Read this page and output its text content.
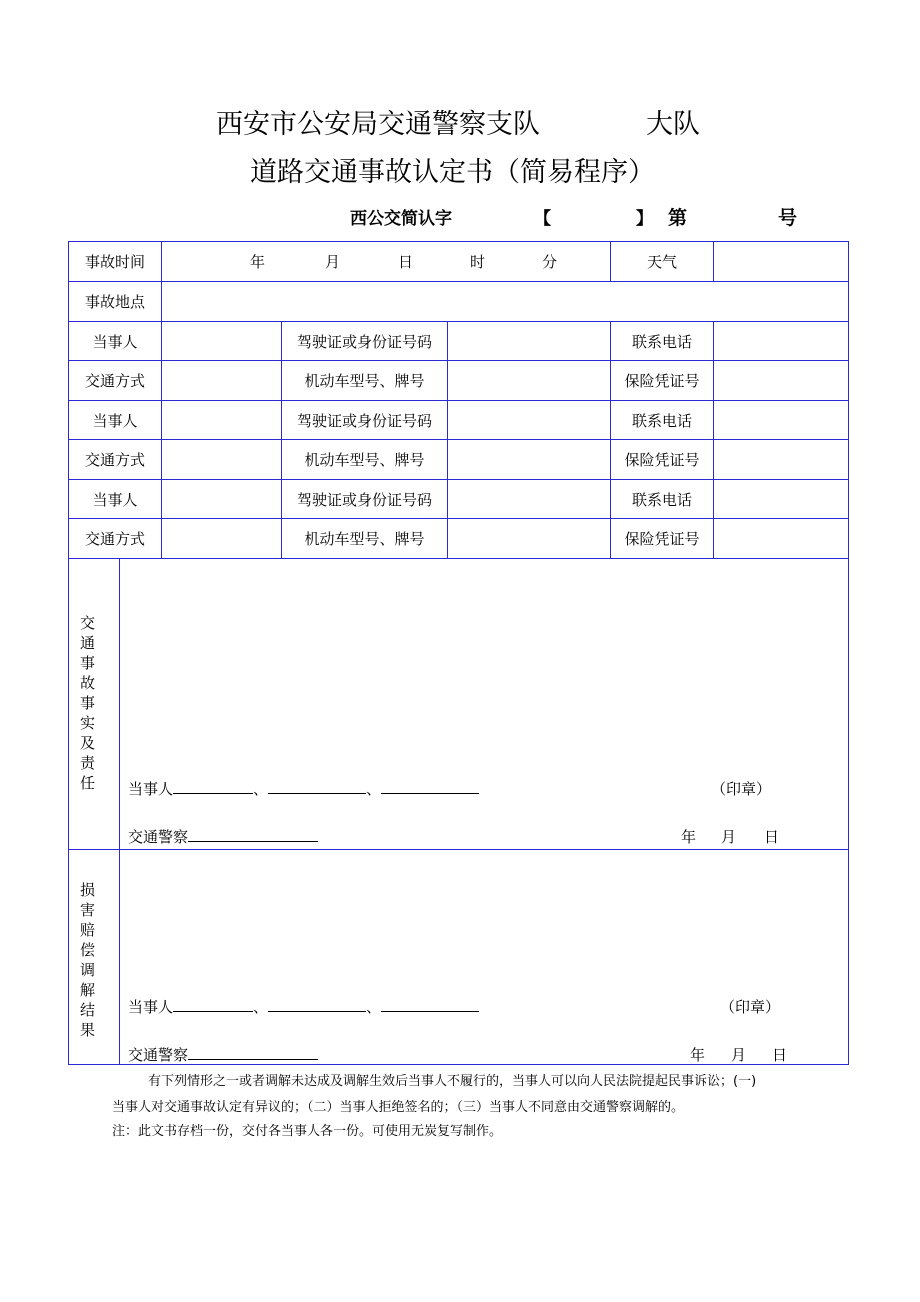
西安市公安局交通警察支队	大队
道路交通事故认定书（简易程序）
西公交简认字	【	】 第	号
事故时间	年	月	日	时	分	天气
事故地点
当事人	驾驶证或身份证号码	联系电话
交通方式	机动车型号、牌号	保险凭证号
当事人	驾驶证或身份证号码	联系电话
交通方式	机动车型号、牌号	保险凭证号
当事人	驾驶证或身份证号码	联系电话
交通方式	机动车型号、牌号	保险凭证号
交通事故事实及责任	当事人	、	、	（印章）
交通警察	年 月 日
损害赔偿调解结果	当事人	、	、	（印章）
交通警察	年 月 日
有下列情形之一或者调解未达成及调解生效后当事人不履行的，当事人可以向人民法院提起民事诉讼；(一)
当事人对交通事故认定有异议的；（二）当事人拒绝签名的；（三）当事人不同意由交通警察调解的。
注：此文书存档一份，交付各当事人各一份。可使用无炭复写制作。
